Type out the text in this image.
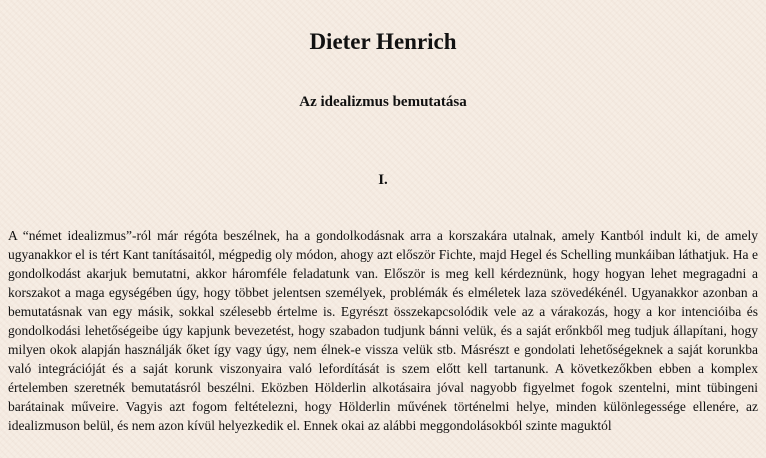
Dieter Henrich
Az idealizmus bemutatása
I.

A “német idealizmus”-ról már régóta beszélnek, ha a gondolkodásnak arra a korszakára utalnak, amely Kantból indult ki, de amely ugyanakkor el is tért Kant tanításaitól, mégpedig oly módon, ahogy azt először Fichte, majd Hegel és Schelling munkáiban láthatjuk. Ha e gondolkodást akarjuk bemutatni, akkor háromféle feladatunk van. Először is meg kell kérdeznünk, hogy hogyan lehet megragadni a korszakot a maga egységében úgy, hogy többet jelentsen személyek, problémák és elméletek laza szövedékénél. Ugyanakkor azonban a bemutatásnak van egy másik, sokkal szélesebb értelme is. Egyrészt összekapcsolódik vele az a várakozás, hogy a kor intencióiba és gondolkodási lehetőségeibe úgy kapjunk bevezetést, hogy szabadon tudjunk bánni velük, és a saját erőnkből meg tudjuk állapítani, hogy milyen okok alapján használják őket így vagy úgy, nem élnek-e vissza velük stb. Másrészt e gondolati lehetőségeknek a saját korunkba való integrációját és a saját korunk viszonyaira való lefordítását is szem előtt kell tartanunk. A következőkben ebben a komplex értelemben szeretnék bemutatásról beszélni. Eközben Hölderlin alkotásaira jóval nagyobb figyelmet fogok szentelni, mint tübingeni barátainak műveire. Vagyis azt fogom feltételezni, hogy Hölderlin művének történelmi helye, minden különlegessége ellenére, az idealizmuson belül, és nem azon kívül helyezkedik el. Ennek okai az alábbi meggondolásokból szinte maguktól
